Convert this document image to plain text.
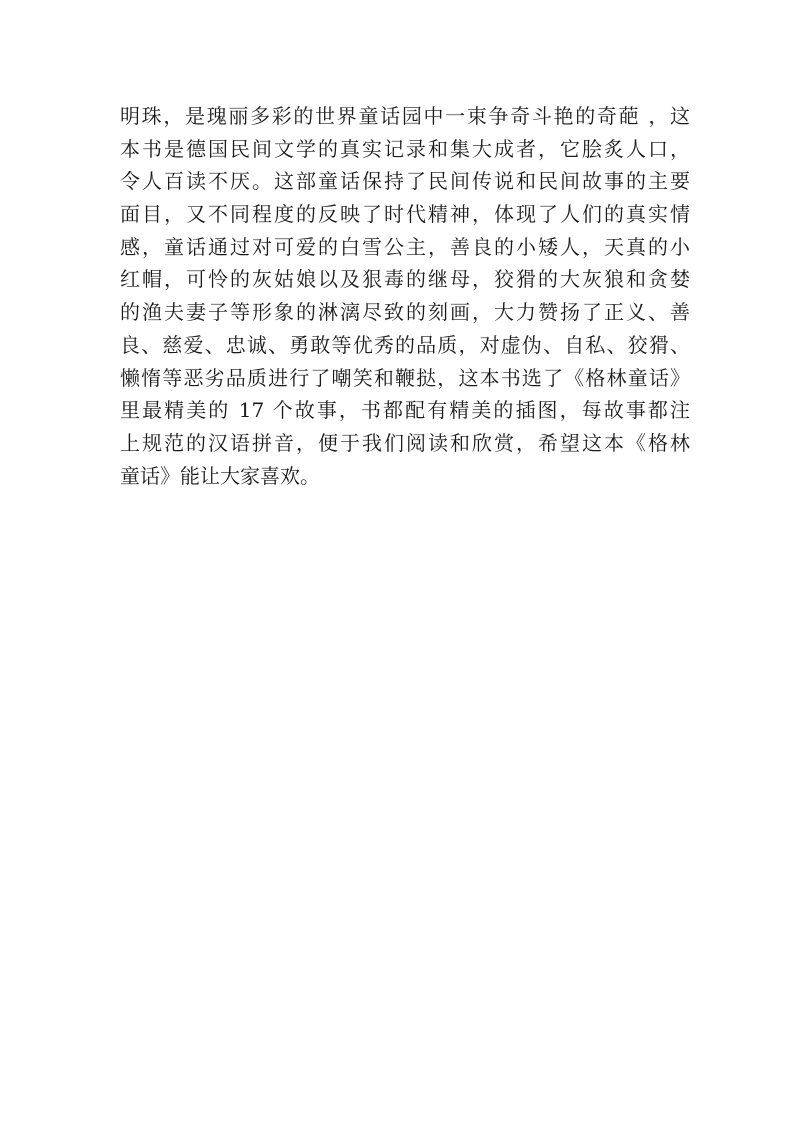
明珠，是瑰丽多彩的世界童话园中一束争奇斗艳的奇葩 ，这
本书是德国民间文学的真实记录和集大成者，它脍炙人口，
令人百读不厌。这部童话保持了民间传说和民间故事的主要
面目，又不同程度的反映了时代精神，体现了人们的真实情
感，童话通过对可爱的白雪公主，善良的小矮人，天真的小
红帽，可怜的灰姑娘以及狠毒的继母，狡猾的大灰狼和贪婪
的渔夫妻子等形象的淋漓尽致的刻画，大力赞扬了正义、善
良、慈爱、忠诚、勇敢等优秀的品质，对虚伪、自私、狡猾、
懒惰等恶劣品质进行了嘲笑和鞭挞，这本书选了《格林童话》
里最精美的 17 个故事，书都配有精美的插图，每故事都注
上规范的汉语拼音，便于我们阅读和欣赏，希望这本《格林
童话》能让大家喜欢。
